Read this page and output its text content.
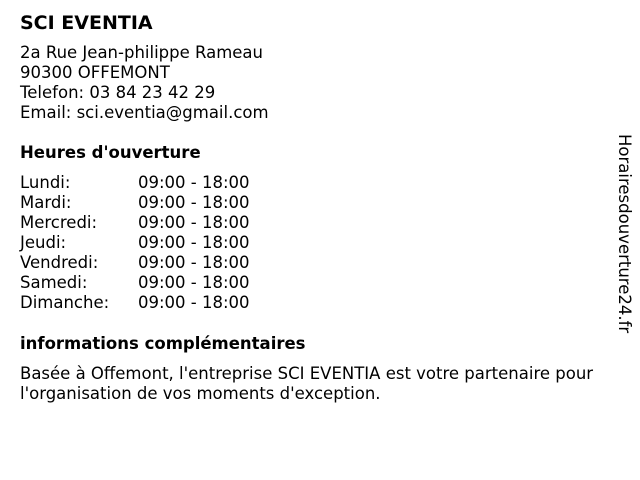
SCI EVENTIA
2a Rue Jean-philippe Rameau
90300 OFFEMONT
Telefon: 03 84 23 42 29
Email: sci.eventia@gmail.com
Heures d'ouverture
Lundi:	09:00 - 18:00
Mardi:	09:00 - 18:00
Mercredi:	09:00 - 18:00
Jeudi:	09:00 - 18:00
Vendredi:	09:00 - 18:00
Samedi:	09:00 - 18:00
Dimanche:	09:00 - 18:00
informations complémentaires

Basée à Offemont, l'entreprise SCI EVENTIA est votre partenaire pour l'organisation de vos moments d'exception.

Horairesdouverture24.fr
